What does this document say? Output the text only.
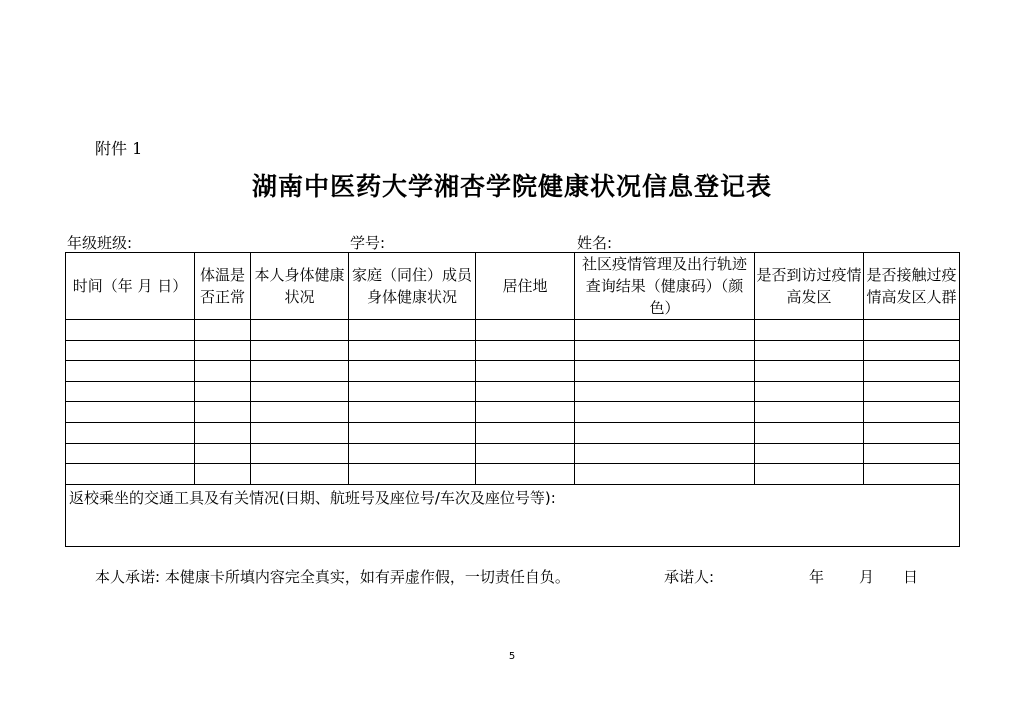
附件 1
湖南中医药大学湘杏学院健康状况信息登记表
年级班级:	学号:	姓名:
时间（年 月 日）	体温是否正常	本人身体健康状况	家庭（同住）成员身体健康状况	居住地	社区疫情管理及出行轨迹查询结果（健康码）（颜色）	是否到访过疫情高发区	是否接触过疫情高发区人群

返校乘坐的交通工具及有关情况(日期、航班号及座位号/车次及座位号等):							
本人承诺: 本健康卡所填内容完全真实，如有弄虚作假，一切责任自负。	承诺人:	年 月 日
5
